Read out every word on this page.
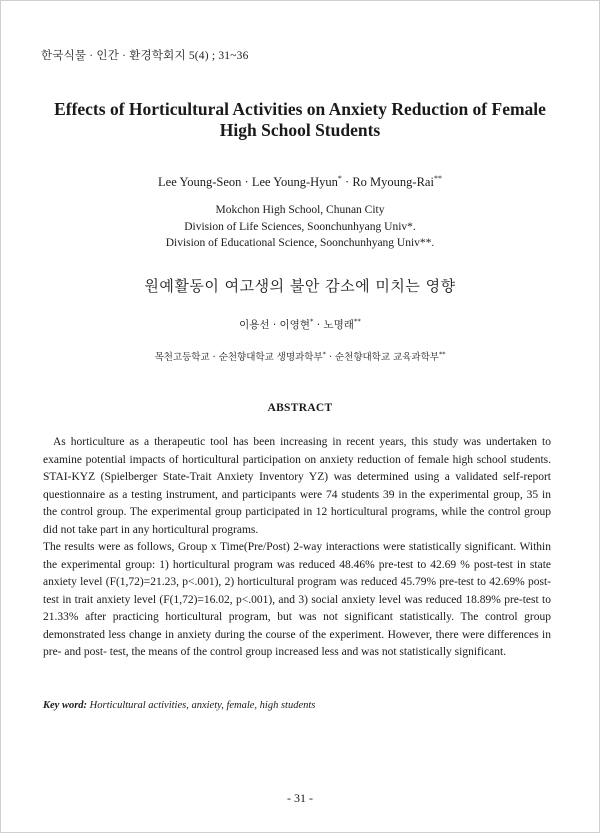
한국식물 · 인간 · 환경학회지 5(4) ; 31~36
Effects of Horticultural Activities on Anxiety Reduction of Female
High School Students
Lee Young-Seon · Lee Young-Hyun* · Ro Myoung-Rai**
Mokchon High School, Chunan City
Division of Life Sciences, Soonchunhyang Univ*.
Division of Educational Science, Soonchunhyang Univ**.
원예활동이 여고생의 불안 감소에 미치는 영향
이용선 · 이영현* · 노명래**
목천고등학교 · 순천향대학교 생명과학부* · 순천향대학교 교육과학부**
ABSTRACT

As horticulture as a therapeutic tool has been increasing in recent years, this study was undertaken to examine potential impacts of horticultural participation on anxiety reduction of female high school students. STAI-KYZ (Spielberger State-Trait Anxiety Inventory YZ) was determined using a validated self-report questionnaire as a testing instrument, and participants were 74 students 39 in the experimental group, 35 in the control group. The experimental group participated in 12 horticultural programs, while the control group did not take part in any horticultural programs.

The results were as follows, Group x Time(Pre/Post) 2-way interactions were statistically significant. Within the experimental group: 1) horticultural program was reduced 48.46% pre-test to 42.69 % post-test in state anxiety level (F(1,72)=21.23, p<.001), 2) horticultural program was reduced 45.79% pre-test to 42.69% post-test in trait anxiety level (F(1,72)=16.02, p<.001), and 3) social anxiety level was reduced 18.89% pre-test to 21.33% after practicing horticultural program, but was not significant statistically. The control group demonstrated less change in anxiety during the course of the experiment. However, there were differences in pre- and post- test, the means of the control group increased less and was not statistically significant.

Key word: Horticultural activities, anxiety, female, high students
- 31 -
